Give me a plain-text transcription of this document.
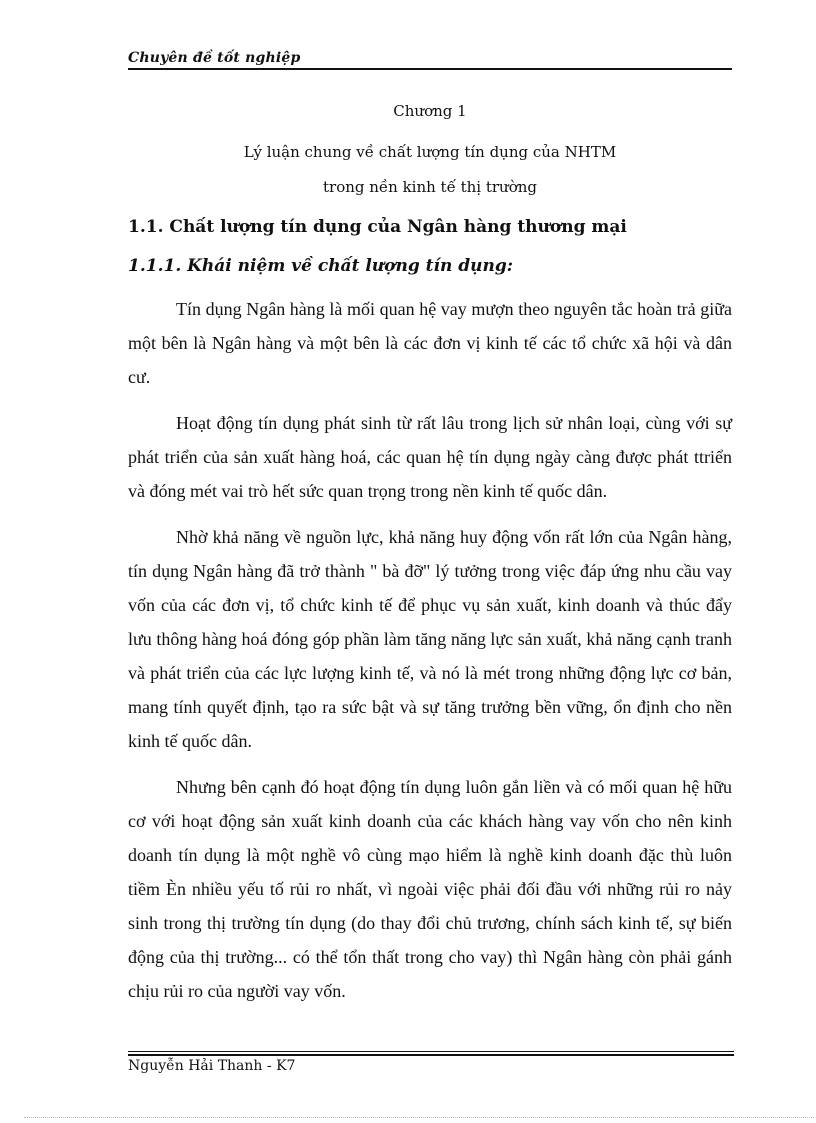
Chuyên đề tốt nghiệp
Chương 1
Lý luận chung về chất lượng tín dụng của NHTM
trong nền kinh tế thị trường
1.1. Chất lượng tín dụng của Ngân hàng thương mại
1.1.1. Khái niệm về chất lượng tín dụng:

Tín dụng Ngân hàng là mối quan hệ vay mượn theo nguyên tắc hoàn trả giữa một bên là Ngân hàng và một bên là các đơn vị kinh tế các tổ chức xã hội và dân cư.

Hoạt động tín dụng phát sinh từ rất lâu trong lịch sử nhân loại, cùng với sự phát triển của sản xuất hàng hoá, các quan hệ tín dụng ngày càng được phát ttriển và đóng mét vai trò hết sức quan trọng trong nền kinh tế quốc dân.

Nhờ khả năng về nguồn lực, khả năng huy động vốn rất lớn của Ngân hàng, tín dụng Ngân hàng đã trở thành " bà đỡ" lý tưởng trong việc đáp ứng nhu cầu vay vốn của các đơn vị, tổ chức kinh tế để phục vụ sản xuất, kinh doanh và thúc đẩy lưu thông hàng hoá đóng góp phần làm tăng năng lực sản xuất, khả năng cạnh tranh và phát triển của các lực lượng kinh tế, và nó là mét trong những động lực cơ bản, mang tính quyết định, tạo ra sức bật và sự tăng trưởng bền vững, ổn định cho nền kinh tế quốc dân.

Nhưng bên cạnh đó hoạt động tín dụng luôn gắn liền và có mối quan hệ hữu cơ với hoạt động sản xuất kinh doanh của các khách hàng vay vốn cho nên kinh doanh tín dụng là một nghề vô cùng mạo hiểm là nghề kinh doanh đặc thù luôn tiềm Èn nhiều yếu tố rủi ro nhất, vì ngoài việc phải đối đầu với những rủi ro nảy sinh trong thị trường tín dụng (do thay đổi chủ trương, chính sách kinh tế, sự biến động của thị trường... có thể tổn thất trong cho vay) thì Ngân hàng còn phải gánh chịu rủi ro của người vay vốn.

Nguyễn Hải Thanh - K7
